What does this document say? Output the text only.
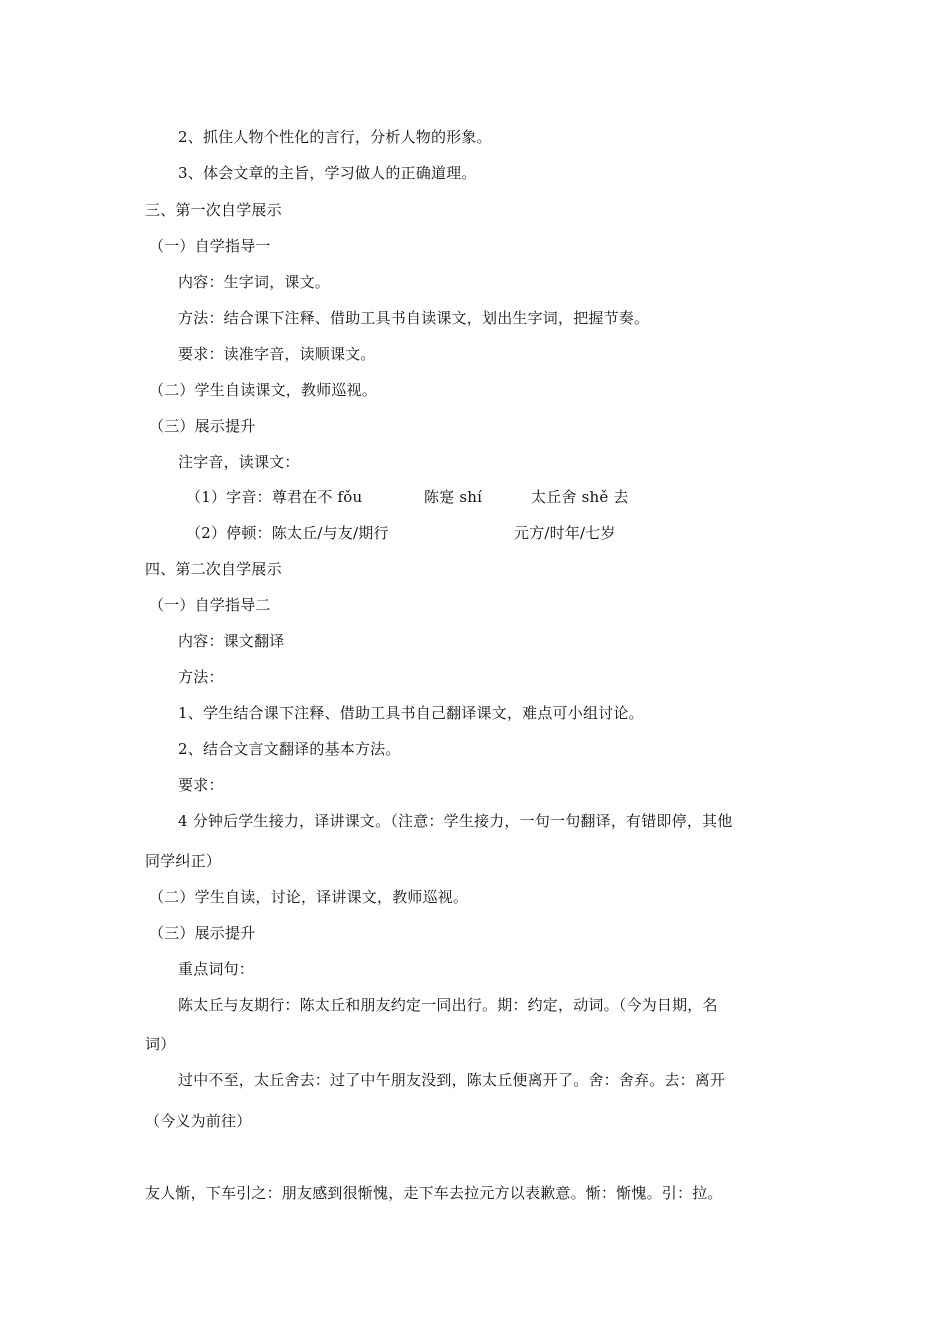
2、抓住人物个性化的言行，分析人物的形象。
3、体会文章的主旨，学习做人的正确道理。
三、第一次自学展示
（一）自学指导一
内容：生字词，课文。
方法：结合课下注释、借助工具书自读课文，划出生字词，把握节奏。
要求：读准字音，读顺课文。
（二）学生自读课文，教师巡视。
（三）展示提升
注字音，读课文：
（1）字音：尊君在不 fǒu	陈寔 shí	太丘舍 shě 去
（2）停顿：陈太丘/与友/期行	元方/时年/七岁
四、第二次自学展示
（一）自学指导二
内容：课文翻译
方法：
1、学生结合课下注释、借助工具书自己翻译课文，难点可小组讨论。
2、结合文言文翻译的基本方法。
要求：
4 分钟后学生接力，译讲课文。（注意：学生接力，一句一句翻译，有错即停，其他
同学纠正）
（二）学生自读，讨论，译讲课文，教师巡视。
（三）展示提升
重点词句：
陈太丘与友期行：陈太丘和朋友约定一同出行。期：约定，动词。（今为日期，名
词）
过中不至，太丘舍去：过了中午朋友没到，陈太丘便离开了。舍：舍弃。去：离开
（今义为前往）
友人惭，下车引之：朋友感到很惭愧，走下车去拉元方以表歉意。惭：惭愧。引：拉。
